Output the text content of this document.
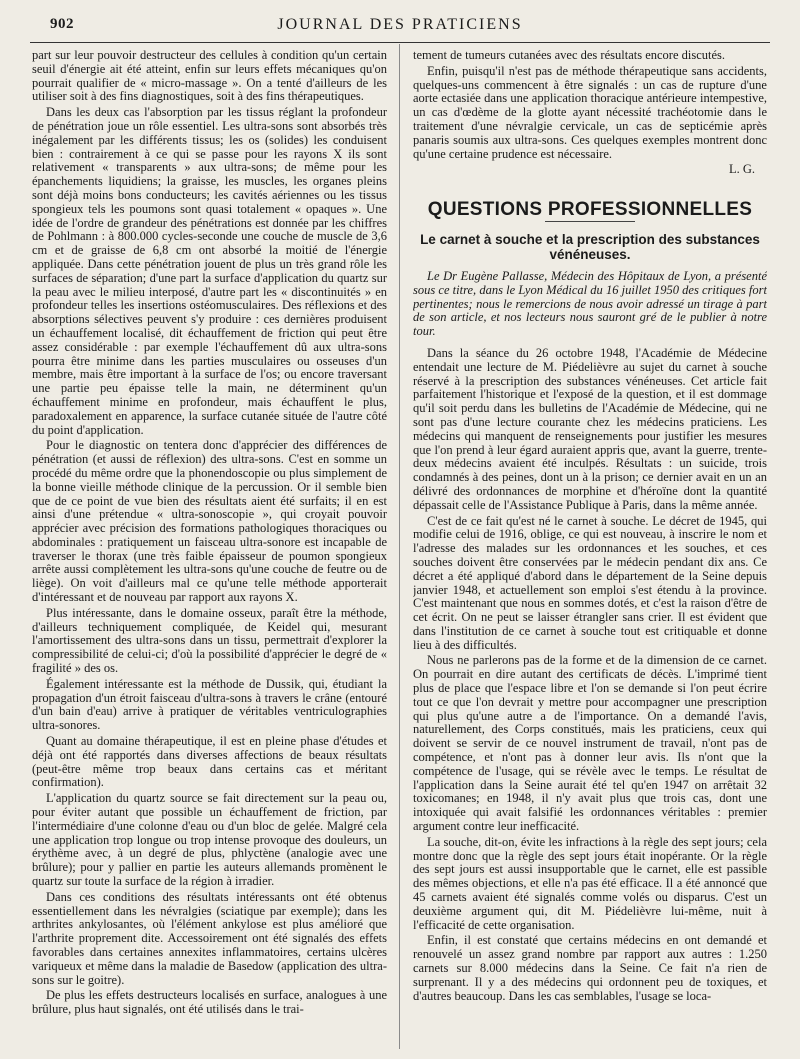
902	JOURNAL DES PRATICIENS

part sur leur pouvoir destructeur des cellules à condition qu'un certain seuil d'énergie ait été atteint, enfin sur leurs effets mécaniques qu'on pourrait qualifier de « micro-massage ». On a tenté d'ailleurs de les utiliser soit à des fins diagnostiques, soit à des fins thérapeutiques.

Dans les deux cas l'absorption par les tissus réglant la profondeur de pénétration joue un rôle essentiel. Les ultra-sons sont absorbés très inégalement par les différents tissus; les os (solides) les conduisent bien : contrairement à ce qui se passe pour les rayons X ils sont relativement « transparents » aux ultra-sons; de même pour les épanchements liquidiens; la graisse, les muscles, les organes pleins sont déjà moins bons conducteurs; les cavités aériennes ou les tissus spongieux tels les poumons sont quasi totalement « opaques ». Une idée de l'ordre de grandeur des pénétrations est donnée par les chiffres de Pohlmann : à 800.000 cycles-seconde une couche de muscle de 3,6 cm et de graisse de 6,8 cm ont absorbé la moitié de l'énergie appliquée. Dans cette pénétration jouent de plus un très grand rôle les surfaces de séparation; d'une part la surface d'application du quartz sur la peau avec le milieu interposé, d'autre part les « discontinuités » en profondeur telles les insertions ostéomusculaires. Des réflexions et des absorptions sélectives peuvent s'y produire : ces dernières produisent un échauffement localisé, dit échauffement de friction qui peut être assez considérable : par exemple l'échauffement dû aux ultra-sons pourra être minime dans les parties musculaires ou osseuses d'un membre, mais être important à la surface de l'os; ou encore traversant une partie peu épaisse telle la main, ne déterminent qu'un échauffement minime en profondeur, mais échauffent le plus, paradoxalement en apparence, la surface cutanée située de l'autre côté du point d'application.

Pour le diagnostic on tentera donc d'apprécier des différences de pénétration (et aussi de réflexion) des ultra-sons. C'est en somme un procédé du même ordre que la phonendoscopie ou plus simplement de la bonne vieille méthode clinique de la percussion. Or il semble bien que de ce point de vue bien des résultats aient été surfaits; il en est ainsi d'une prétendue « ultra-sonoscopie », qui croyait pouvoir apprécier avec précision des formations pathologiques thoraciques ou abdominales : pratiquement un faisceau ultra-sonore est incapable de traverser le thorax (une très faible épaisseur de poumon spongieux arrête aussi complètement les ultra-sons qu'une couche de feutre ou de liège). On voit d'ailleurs mal ce qu'une telle méthode apporterait d'intéressant et de nouveau par rapport aux rayons X.

Plus intéressante, dans le domaine osseux, paraît être la méthode, d'ailleurs techniquement compliquée, de Keidel qui, mesurant l'amortissement des ultra-sons dans un tissu, permettrait d'explorer la compressibilité de celui-ci; d'où la possibilité d'apprécier le degré de « fragilité » des os.

Également intéressante est la méthode de Dussik, qui, étudiant la propagation d'un étroit faisceau d'ultra-sons à travers le crâne (entouré d'un bain d'eau) arrive à pratiquer de véritables ventriculographies ultra-sonores.

Quant au domaine thérapeutique, il est en pleine phase d'études et déjà ont été rapportés dans diverses affections de beaux résultats (peut-être même trop beaux dans certains cas et méritant confirmation).

L'application du quartz source se fait directement sur la peau ou, pour éviter autant que possible un échauffement de friction, par l'intermédiaire d'une colonne d'eau ou d'un bloc de gelée. Malgré cela une application trop longue ou trop intense provoque des douleurs, un érythème avec, à un degré de plus, phlyctène (analogie avec une brûlure); pour y pallier en partie les auteurs allemands promènent le quartz sur toute la surface de la région à irradier.

Dans ces conditions des résultats intéressants ont été obtenus essentiellement dans les névralgies (sciatique par exemple); dans les arthrites ankylosantes, où l'élément ankylose est plus amélioré que l'arthrite proprement dite. Accessoirement ont été signalés des effets favorables dans certaines annexites inflammatoires, certains ulcères variqueux et même dans la maladie de Basedow (application des ultra-sons sur le goitre).

De plus les effets destructeurs localisés en surface, analogues à une brûlure, plus haut signalés, ont été utilisés dans le trai-

tement de tumeurs cutanées avec des résultats encore discutés.

Enfin, puisqu'il n'est pas de méthode thérapeutique sans accidents, quelques-uns commencent à être signalés : un cas de rupture d'une aorte ectasiée dans une application thoracique antérieure intempestive, un cas d'œdème de la glotte ayant nécessité trachéotomie dans le traitement d'une névralgie cervicale, un cas de septicémie après panaris soumis aux ultra-sons. Ces quelques exemples montrent donc qu'une certaine prudence est nécessaire.

L. G.
QUESTIONS PROFESSIONNELLES
Le carnet à souche et la prescription des substances vénéneuses.

Le Dr Eugène Pallasse, Médecin des Hôpitaux de Lyon, a présenté sous ce titre, dans le Lyon Médical du 16 juillet 1950 des critiques fort pertinentes; nous le remercions de nous avoir adressé un tirage à part de son article, et nos lecteurs nous sauront gré de le publier à notre tour.

Dans la séance du 26 octobre 1948, l'Académie de Médecine entendait une lecture de M. Piédelièvre au sujet du carnet à souche réservé à la prescription des substances vénéneuses. Cet article fait parfaitement l'historique et l'exposé de la question, et il est dommage qu'il soit perdu dans les bulletins de l'Académie de Médecine, qui ne sont pas d'une lecture courante chez les médecins praticiens. Les médecins qui manquent de renseignements pour justifier les mesures que l'on prend à leur égard auraient appris que, avant la guerre, trente-deux médecins avaient été inculpés. Résultats : un suicide, trois condamnés à des peines, dont un à la prison; ce dernier avait en un an délivré des ordonnances de morphine et d'héroïne dont la quantité dépassait celle de l'Assistance Publique à Paris, dans la même année.

C'est de ce fait qu'est né le carnet à souche. Le décret de 1945, qui modifie celui de 1916, oblige, ce qui est nouveau, à inscrire le nom et l'adresse des malades sur les ordonnances et les souches, et ces souches doivent être conservées par le médecin pendant dix ans. Ce décret a été appliqué d'abord dans le département de la Seine depuis janvier 1948, et actuellement son emploi s'est étendu à la province. C'est maintenant que nous en sommes dotés, et c'est la raison d'être de cet écrit. On ne peut se laisser étrangler sans crier. Il est évident que dans l'institution de ce carnet à souche tout est critiquable et donne lieu à des difficultés.

Nous ne parlerons pas de la forme et de la dimension de ce carnet. On pourrait en dire autant des certificats de décès. L'imprimé tient plus de place que l'espace libre et l'on se demande si l'on peut écrire tout ce que l'on devrait y mettre pour accompagner une prescription qui plus qu'une autre a de l'importance. On a demandé l'avis, naturellement, des Corps constitués, mais les praticiens, ceux qui doivent se servir de ce nouvel instrument de travail, n'ont pas de compétence, et n'ont pas à donner leur avis. Ils n'ont que la compétence de l'usage, qui se révèle avec le temps. Le résultat de l'application dans la Seine aurait été tel qu'en 1947 on arrêtait 32 toxicomanes; en 1948, il n'y avait plus que trois cas, dont une intoxiquée qui avait falsifié les ordonnances véritables : premier argument contre leur inefficacité.

La souche, dit-on, évite les infractions à la règle des sept jours; cela montre donc que la règle des sept jours était inopérante. Or la règle des sept jours est aussi insupportable que le carnet, elle est passible des mêmes objections, et elle n'a pas été efficace. Il a été annoncé que 45 carnets avaient été signalés comme volés ou disparus. C'est un deuxième argument qui, dit M. Piédelièvre lui-même, nuit à l'efficacité de cette organisation.

Enfin, il est constaté que certains médecins en ont demandé et renouvelé un assez grand nombre par rapport aux autres : 1.250 carnets sur 8.000 médecins dans la Seine. Ce fait n'a rien de surprenant. Il y a des médecins qui ordonnent peu de toxiques, et d'autres beaucoup. Dans les cas semblables, l'usage se loca-
